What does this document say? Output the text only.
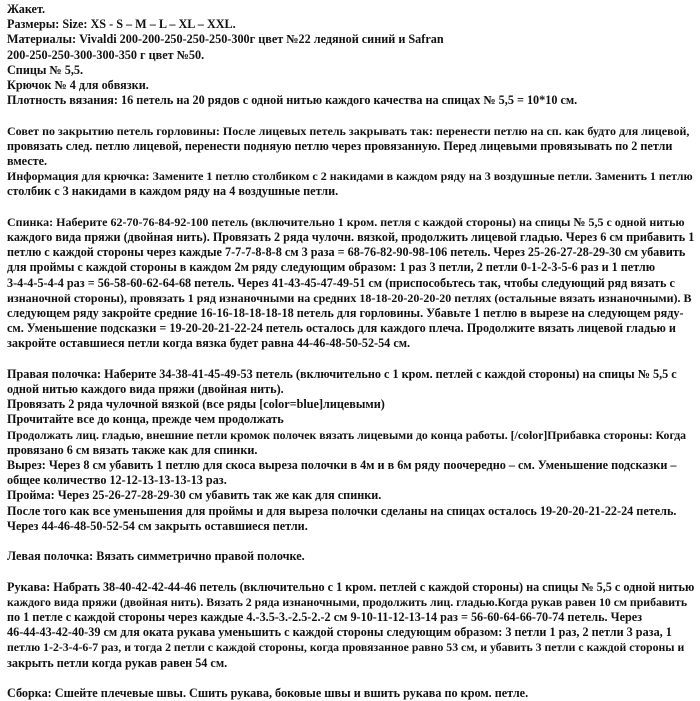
Жакет.
Размеры: Size: XS - S – M – L – XL – XXL.
Материалы: Vivaldi 200-200-250-250-250-300г цвет №22 ледяной синий и Safran
200-250-250-300-300-350 г цвет №50.
Спицы № 5,5.
Крючок № 4 для обвязки.
Плотность вязания: 16 петель на 20 рядов с одной нитью каждого качества на спицах № 5,5 = 10*10 см.
Совет по закрытию петель горловины: После лицевых петель закрывать так: перенести петлю на сп. как будто для лицевой,
провязать след. петлю лицевой, перенести подняую петлю через провязанную. Перед лицевыми провязывать по 2 петли
вместе.
Информация для крючка: Замените 1 петлю столбиком с 2 накидами в каждом ряду на 3 воздушные петли. Заменить 1 петлю
столбик с 3 накидами в каждом ряду на 4 воздушные петли.
Спинка: Наберите 62-70-76-84-92-100 петель (включительно 1 кром. петля с каждой стороны) на спицы № 5,5 с одной нитью
каждого вида пряжи (двойная нить). Провязать 2 ряда чулочн. вязкой, продолжить лицевой гладью. Через 6 см прибавить 1
петлю с каждой стороны через каждые 7-7-7-8-8-8 см 3 раза = 68-76-82-90-98-106 петель. Через 25-26-27-28-29-30 см убавить
для проймы с каждой стороны в каждом 2м ряду следующим образом: 1 раз 3 петли, 2 петли 0-1-2-3-5-6 раз и 1 петлю
3-4-4-5-4-4 раз = 56-58-60-62-64-68 петель. Через 41-43-45-47-49-51 см (приспособьтесь так, чтобы следующий ряд вязать с
изнаночной стороны), провязать 1 ряд изнаночными на средних 18-18-20-20-20-20 петлях (остальные вязать изнаночными). В
следующем ряду закройте средние 16-16-18-18-18-18 петель для горловины. Убавьте 1 петлю в вырезе на следующем ряду-
см. Уменьшение подсказки = 19-20-20-21-22-24 петель осталось для каждого плеча. Продолжите вязать лицевой гладью и
закройте оставшиеся петли когда вязка будет равна 44-46-48-50-52-54 см.
Правая полочка: Наберите 34-38-41-45-49-53 петель (включительно с 1 кром. петлей с каждой стороны) на спицы № 5,5 с
одной нитью каждого вида пряжи (двойная нить).
Провязать 2 ряда чулочной вязкой (все ряды [color=blue]лицевыми)
Прочитайте все до конца, прежде чем продолжать
Продолжать лиц. гладью, внешние петли кромок полочек вязать лицевыми до конца работы. [/color]Прибавка стороны: Когда
провязано 6 см вязать также как для спинки.
Вырез: Через 8 см убавить 1 петлю для скоса выреза полочки в 4м и в 6м ряду поочередно – см. Уменьшение подсказки –
общее количество 12-12-13-13-13-13 раз.
Пройма: Через 25-26-27-28-29-30 см убавить так же как для спинки.
После того как все уменьшения для проймы и для выреза полочки сделаны на спицах осталось 19-20-20-21-22-24 петель.
Через 44-46-48-50-52-54 см закрыть оставшиеся петли.
Левая полочка: Вязать симметрично правой полочке.
Рукава: Набрать 38-40-42-42-44-46 петель (включительно с 1 кром. петлей с каждой стороны) на спицы № 5,5 с одной нитью
каждого вида пряжи (двойная нить). Вязать 2 ряда изнаночными, продолжить лиц. гладью.Когда рукав равен 10 см прибавить
по 1 петле с каждой стороны через каждые 4.-3.5-3.-2.5-2.-2 см 9-10-11-12-13-14 раз = 56-60-64-66-70-74 петель. Через
46-44-43-42-40-39 см для оката рукава уменьшить с каждой стороны следующим образом: 3 петли 1 раз, 2 петли 3 раза, 1
петлю 1-2-3-4-6-7 раз, и тогда 2 петли с каждой стороны, когда провязанное равно 53 см, и убавить 3 петли с каждой стороны и
закрыть петли когда рукав равен 54 см.
Сборка: Сшейте плечевые швы. Сшить рукава, боковые швы и вшить рукава по кром. петле.
